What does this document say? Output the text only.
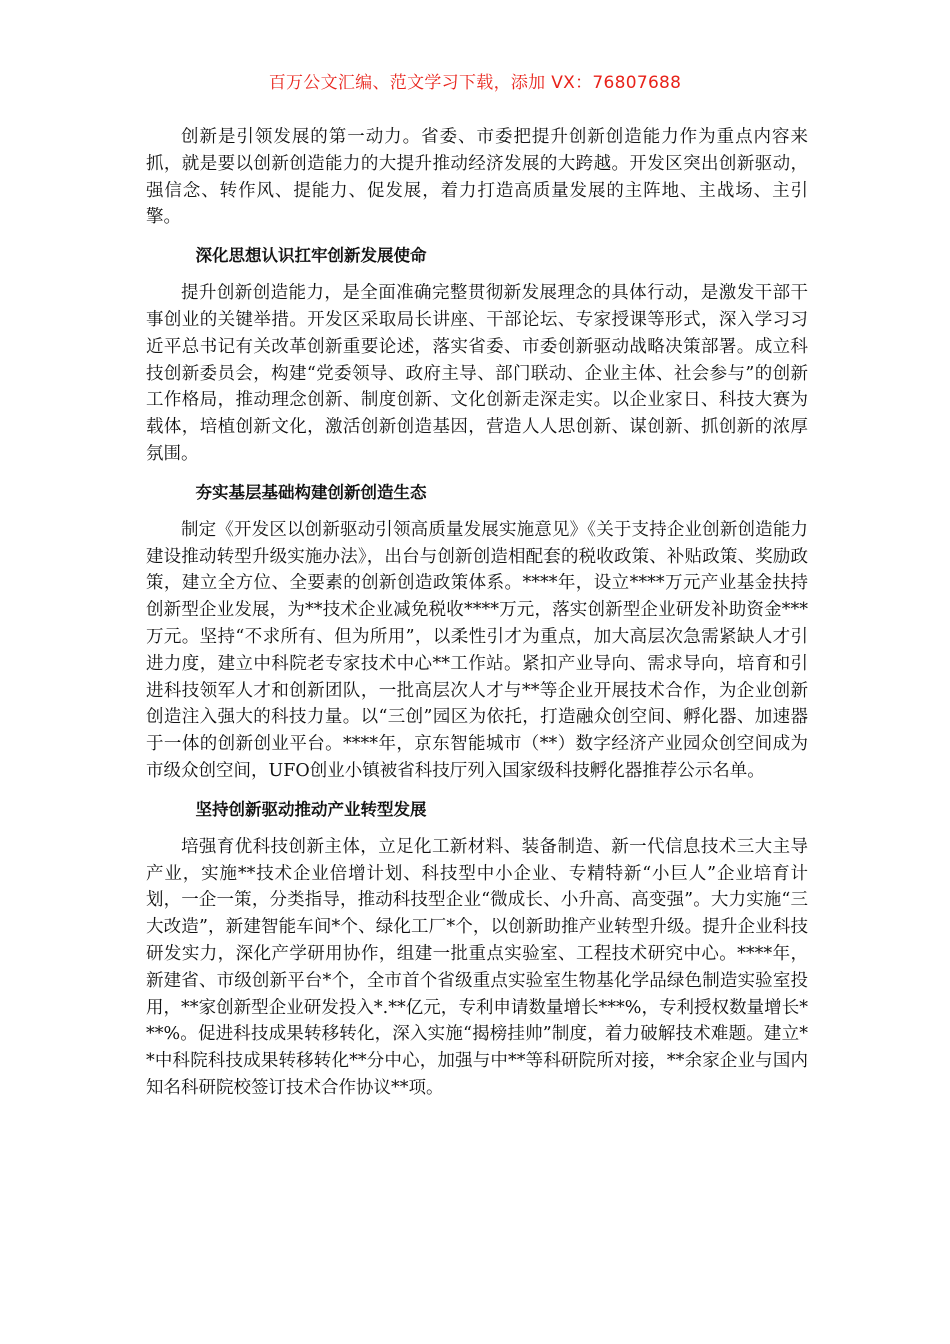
百万公文汇编、范文学习下载，添加 VX：76807688

创新是引领发展的第一动力。省委、市委把提升创新创造能力作为重点内容来抓，就是要以创新创造能力的大提升推动经济发展的大跨越。开发区突出创新驱动，强信念、转作风、提能力、促发展，着力打造高质量发展的主阵地、主战场、主引擎。

深化思想认识扛牢创新发展使命

提升创新创造能力，是全面准确完整贯彻新发展理念的具体行动，是激发干部干事创业的关键举措。开发区采取局长讲座、干部论坛、专家授课等形式，深入学习习近平总书记有关改革创新重要论述，落实省委、市委创新驱动战略决策部署。成立科技创新委员会，构建“党委领导、政府主导、部门联动、企业主体、社会参与”的创新工作格局，推动理念创新、制度创新、文化创新走深走实。以企业家日、科技大赛为载体，培植创新文化，激活创新创造基因，营造人人思创新、谋创新、抓创新的浓厚氛围。

夯实基层基础构建创新创造生态

制定《开发区以创新驱动引领高质量发展实施意见》《关于支持企业创新创造能力建设推动转型升级实施办法》，出台与创新创造相配套的税收政策、补贴政策、奖励政策，建立全方位、全要素的创新创造政策体系。****年，设立****万元产业基金扶持创新型企业发展，为**技术企业减免税收****万元，落实创新型企业研发补助资金***万元。坚持“不求所有、但为所用”，以柔性引才为重点，加大高层次急需紧缺人才引进力度，建立中科院老专家技术中心**工作站。紧扣产业导向、需求导向，培育和引进科技领军人才和创新团队，一批高层次人才与**等企业开展技术合作，为企业创新创造注入强大的科技力量。以“三创”园区为依托，打造融众创空间、孵化器、加速器于一体的创新创业平台。****年，京东智能城市（**）数字经济产业园众创空间成为市级众创空间，UFO创业小镇被省科技厅列入国家级科技孵化器推荐公示名单。

坚持创新驱动推动产业转型发展

培强育优科技创新主体，立足化工新材料、装备制造、新一代信息技术三大主导产业，实施**技术企业倍增计划、科技型中小企业、专精特新“小巨人”企业培育计划，一企一策，分类指导，推动科技型企业“微成长、小升高、高变强”。大力实施“三大改造”，新建智能车间*个、绿化工厂*个，以创新助推产业转型升级。提升企业科技研发实力，深化产学研用协作，组建一批重点实验室、工程技术研究中心。****年，新建省、市级创新平台*个，全市首个省级重点实验室生物基化学品绿色制造实验室投用，**家创新型企业研发投入*.**亿元，专利申请数量增长***%，专利授权数量增长***%。促进科技成果转移转化，深入实施“揭榜挂帅”制度，着力破解技术难题。建立**中科院科技成果转移转化**分中心，加强与中**等科研院所对接，**余家企业与国内知名科研院校签订技术合作协议**项。
